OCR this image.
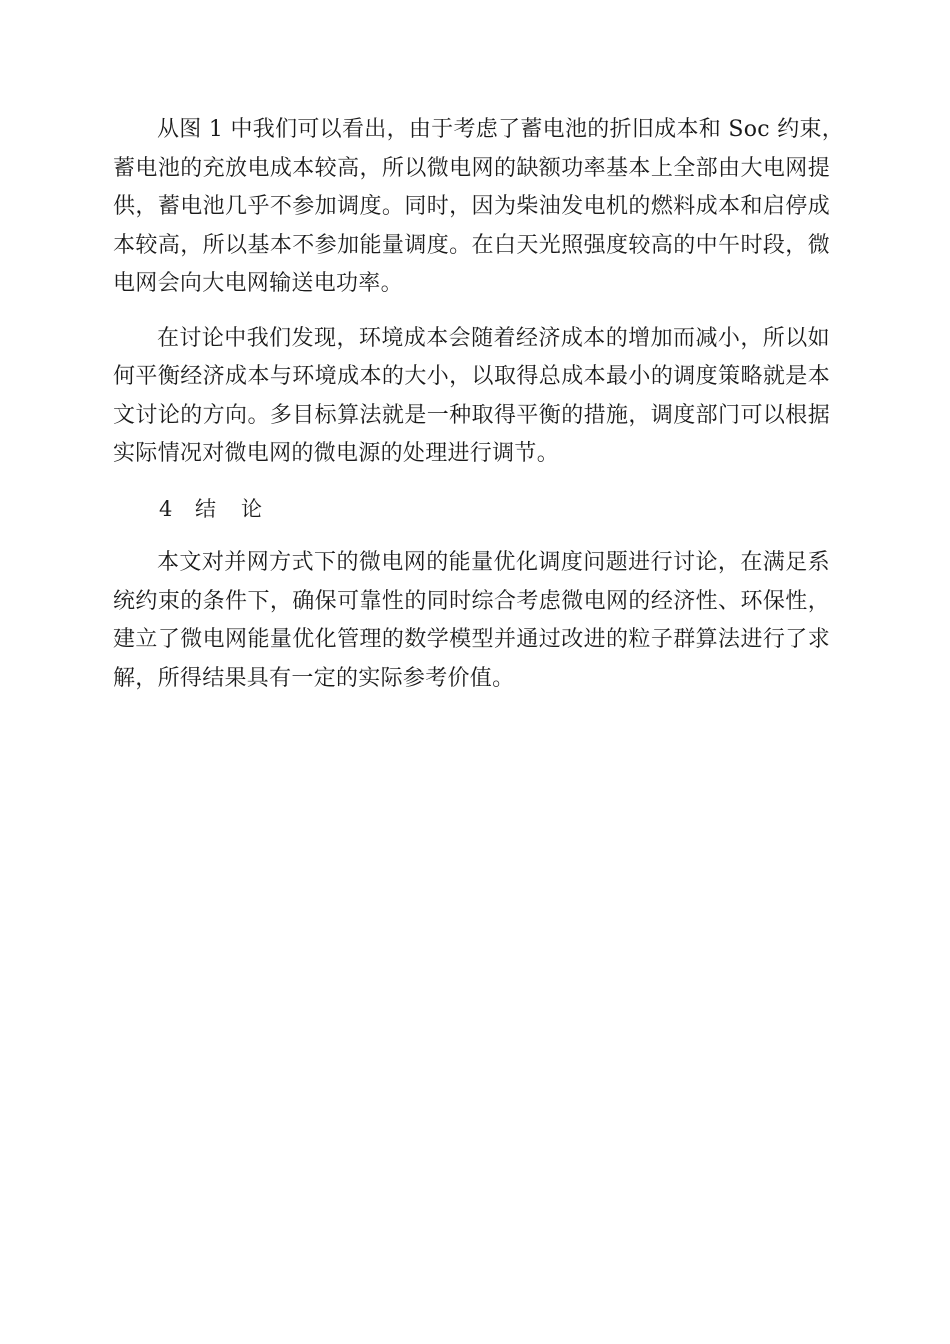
从图 1 中我们可以看出，由于考虑了蓄电池的折旧成本和 Soc 约束，
蓄电池的充放电成本较高，所以微电网的缺额功率基本上全部由大电网提
供，蓄电池几乎不参加调度。同时，因为柴油发电机的燃料成本和启停成
本较高，所以基本不参加能量调度。在白天光照强度较高的中午时段，微
电网会向大电网输送电功率。

在讨论中我们发现，环境成本会随着经济成本的增加而减小，所以如
何平衡经济成本与环境成本的大小，以取得总成本最小的调度策略就是本
文讨论的方向。多目标算法就是一种取得平衡的措施，调度部门可以根据
实际情况对微电网的微电源的处理进行调节。

4 结 论

本文对并网方式下的微电网的能量优化调度问题进行讨论，在满足系
统约束的条件下，确保可靠性的同时综合考虑微电网的经济性、环保性，
建立了微电网能量优化管理的数学模型并通过改进的粒子群算法进行了求
解，所得结果具有一定的实际参考价值。
